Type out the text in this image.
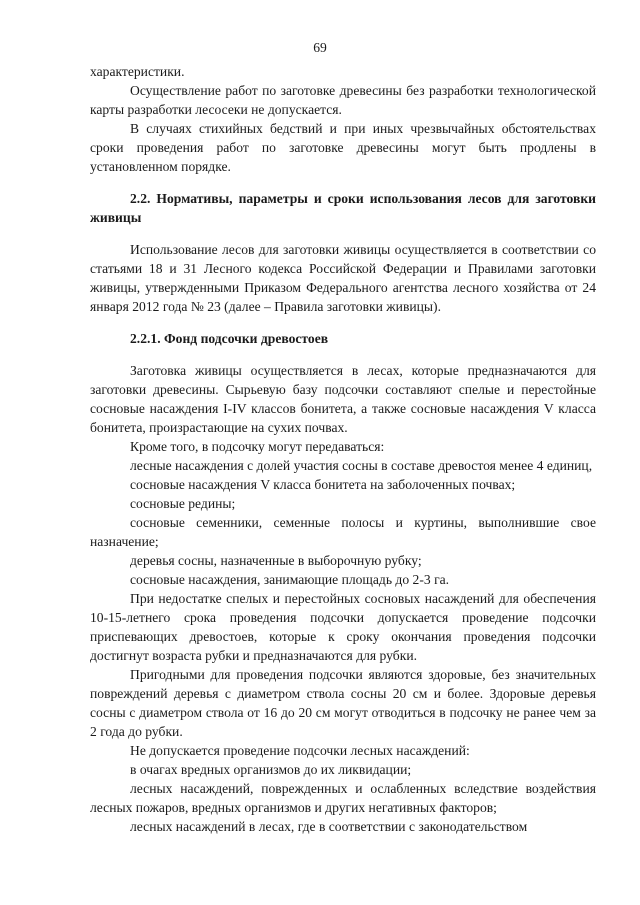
69

характеристики.

Осуществление работ по заготовке древесины без разработки технологической карты разработки лесосеки не допускается.

В случаях стихийных бедствий и при иных чрезвычайных обстоятельствах сроки проведения работ по заготовке древесины могут быть продлены в установленном порядке.

2.2. Нормативы, параметры и сроки использования лесов для заготовки живицы

Использование лесов для заготовки живицы осуществляется в соответствии со статьями 18 и 31 Лесного кодекса Российской Федерации и Правилами заготовки живицы, утвержденными Приказом Федерального агентства лесного хозяйства от 24 января 2012 года № 23 (далее – Правила заготовки живицы).

2.2.1. Фонд подсочки древостоев

Заготовка живицы осуществляется в лесах, которые предназначаются для заготовки древесины. Сырьевую базу подсочки составляют спелые и перестойные сосновые насаждения I-IV классов бонитета, а также сосновые насаждения V класса бонитета, произрастающие на сухих почвах.

Кроме того, в подсочку могут передаваться:

лесные насаждения с долей участия сосны в составе древостоя менее 4 единиц,

сосновые насаждения V класса бонитета на заболоченных почвах;

сосновые редины;

сосновые семенники, семенные полосы и куртины, выполнившие свое назначение;

деревья сосны, назначенные в выборочную рубку;

сосновые насаждения, занимающие площадь до 2-3 га.

При недостатке спелых и перестойных сосновых насаждений для обеспечения 10-15-летнего срока проведения подсочки допускается проведение подсочки приспевающих древостоев, которые к сроку окончания проведения подсочки достигнут возраста рубки и предназначаются для рубки.

Пригодными для проведения подсочки являются здоровые, без значительных повреждений деревья с диаметром ствола сосны 20 см и более. Здоровые деревья сосны с диаметром ствола от 16 до 20 см могут отводиться в подсочку не ранее чем за 2 года до рубки.

Не допускается проведение подсочки лесных насаждений:

в очагах вредных организмов до их ликвидации;

лесных насаждений, поврежденных и ослабленных вследствие воздействия лесных пожаров, вредных организмов и других негативных факторов;

лесных насаждений в лесах, где в соответствии с законодательством
